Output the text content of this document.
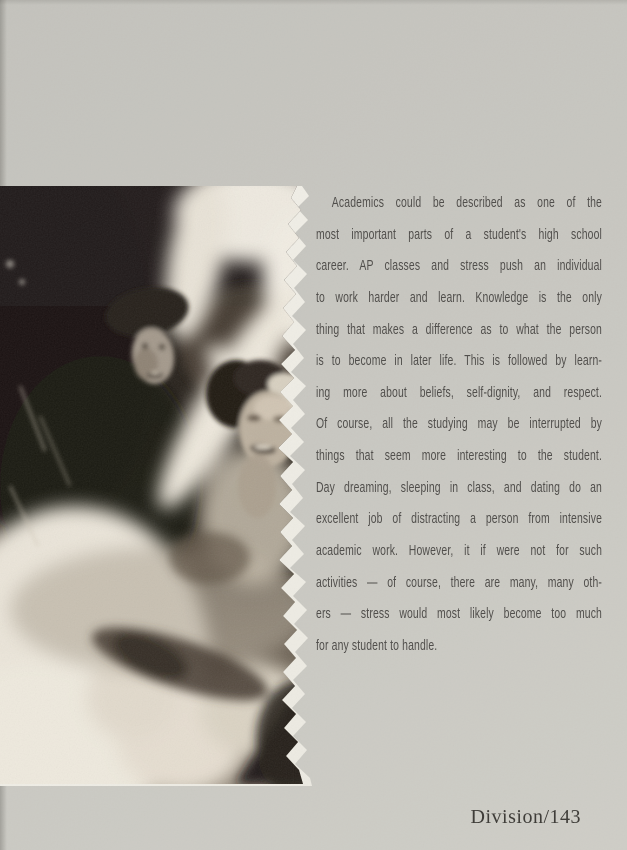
Academics could be described as one of the
most important parts of a student's high school
career. AP classes and stress push an individual
to work harder and learn. Knowledge is the only
thing that makes a difference as to what the person
is to become in later life. This is followed by learn-
ing more about beliefs, self-dignity, and respect.
Of course, all the studying may be interrupted by
things that seem more interesting to the student.
Day dreaming, sleeping in class, and dating do an
excellent job of distracting a person from intensive
academic work. However, it if were not for such
activities — of course, there are many, many oth-
ers — stress would most likely become too much
for any student to handle.
Division/143
